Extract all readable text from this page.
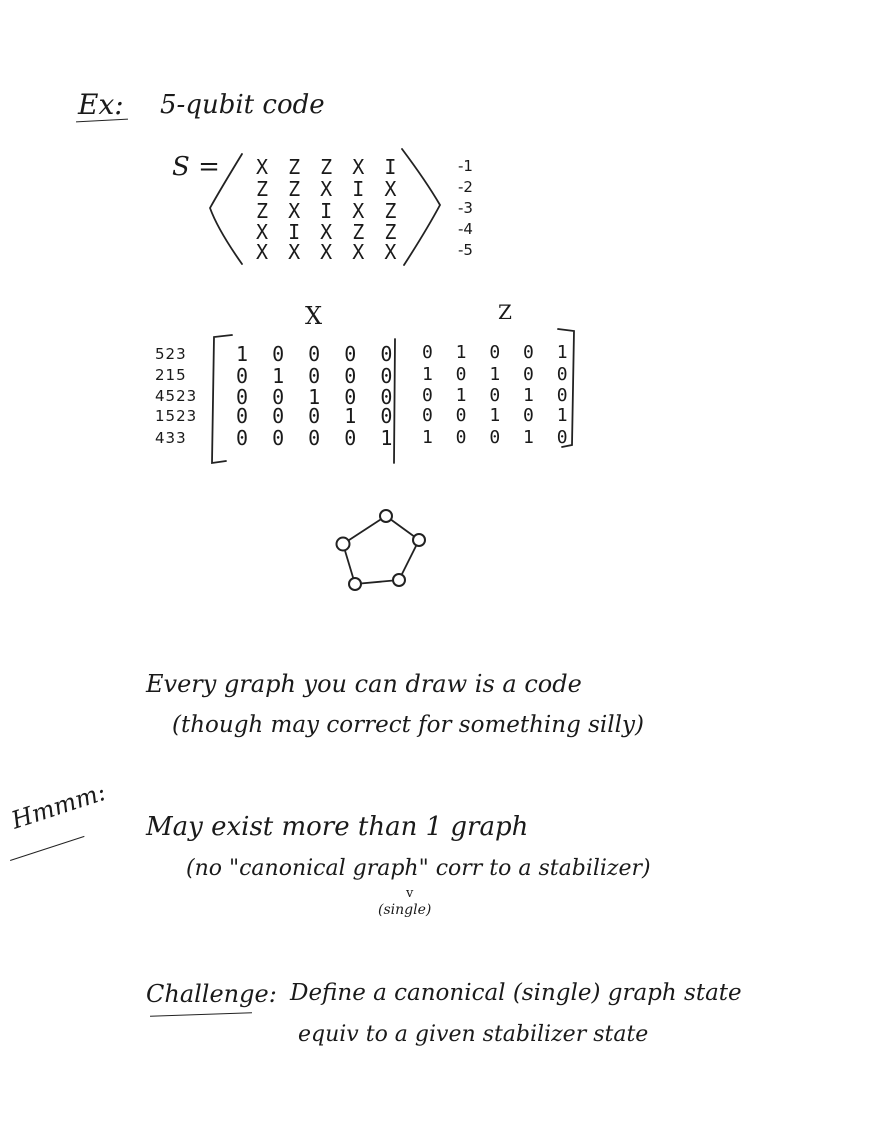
Ex: 5-qubit code
S = X Z Z X I
Z Z X I X
Z X I X Z
X I X Z Z
X X X X X
-1
-2
-3
-4
-5
X	Z
523
215
4523
1523
433
1 0 0 0 0
0 1 0 0 0
0 0 1 0 0
0 0 0 1 0
0 0 0 0 1
0 1 0 0 1
1 0 1 0 0
0 1 0 1 0
0 0 1 0 1
1 0 0 1 0
Every graph you can draw is a code
(though may correct for something silly)
Hmmm: May exist more than 1 graph
(no "canonical graph" corr to a stabilizer)
v
(single)
Challenge: Define a canonical (single) graph state
equiv to a given stabilizer state
